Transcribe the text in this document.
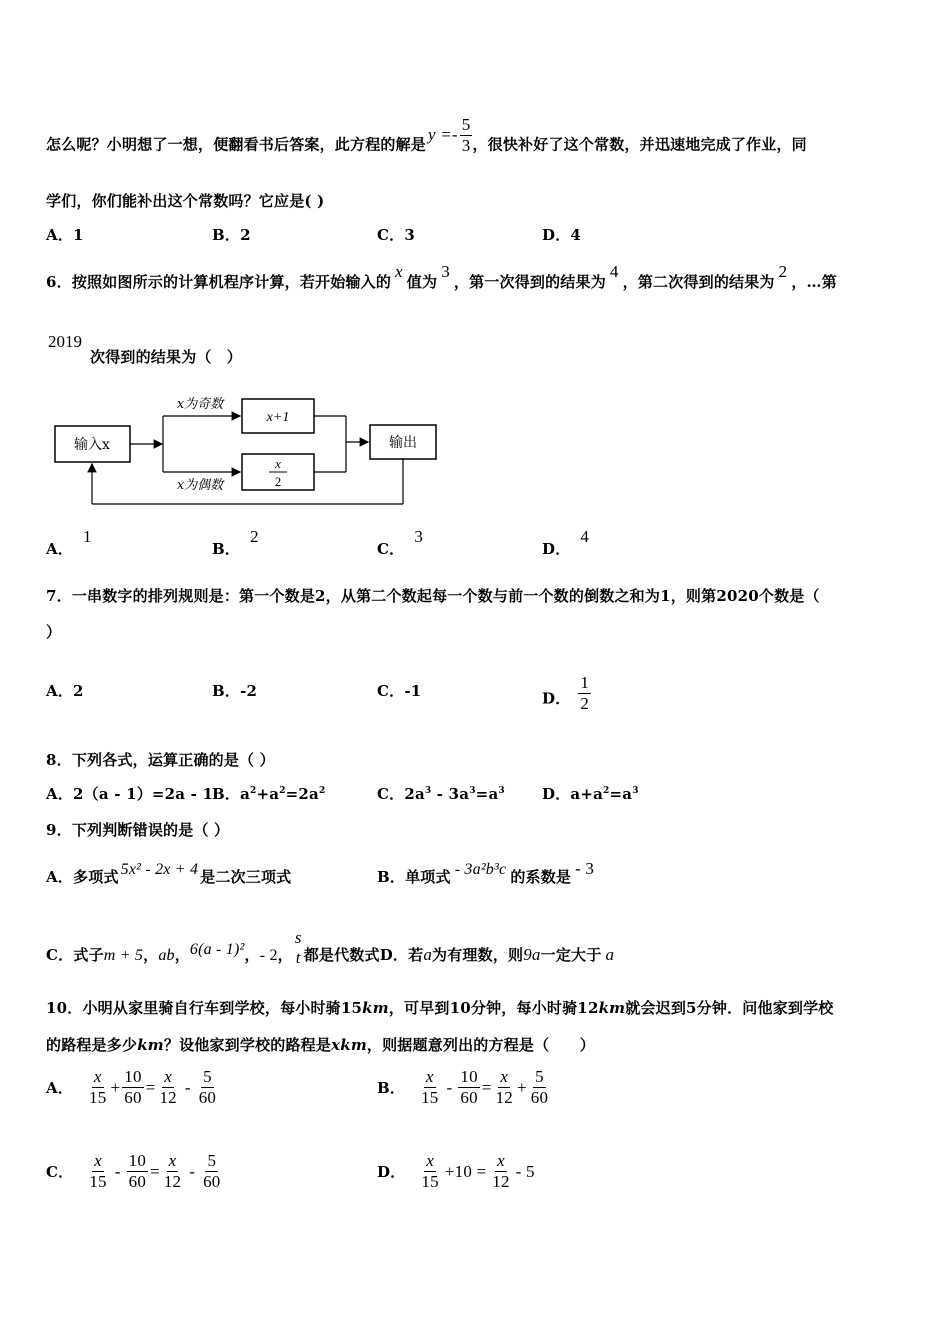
怎么呢？小明想了一想，便翻看书后答案，此方程的解是$y =- \frac{5}{3}$ ，很快补好了这个常数，并迅速地完成了作业，同
学们，你们能补出这个常数吗？它应是( )
A．1	B．2	C．3	D．4
6．按照如图所示的计算机程序计算，若开始输入的x值为3，第一次得到的结果为4，第二次得到的结果为2，…第
2019
次得到的结果为（　）
输入x
x为奇数
x+1
x为偶数
x
2
输出
A．1
B．2
C．3
D．4
7．一串数字的排列规则是：第一个数是2，从第二个数起每一个数与前一个数的倒数之和为1，则第2020个数是（
）
A．2	B．-2	C．-1	D． $\frac{1}{2}$
8．下列各式，运算正确的是（ ）
A．2（a - 1）=2a - 1
B．$a^2+a^2=2a^2$	C．$2a^3 - 3a^3=a^3$ D．$a+a^2=a^3$
9．下列判断错误的是（ ）
A．多项式 5x² - 2x + 4 是二次三项式	B．单项式 - 3a²b³c 的系数是 - 3
C．式子m + 5，ab，6(a - 1)²，- 2，
s
t 都是代数式D．若a为有理数，则9a一定大于 a
10．小明从家里骑自行车到学校，每小时骑15km，可早到10分钟，每小时骑12km就会迟到5分钟．问他家到学校
的路程是多少km？设他家到学校的路程是xkm，则据题意列出的方程是（　　）
A． $\frac{x}{15} + \frac{10}{60} = \frac{x}{12} - \frac{5}{60}$	B． $\frac{x}{15} - \frac{10}{60} = \frac{x}{12} + \frac{5}{60}$
C． $\frac{x}{15} - \frac{10}{60} = \frac{x}{12} - \frac{5}{60}$	D． $\frac{x}{15} +10 = \frac{x}{12} - 5$
